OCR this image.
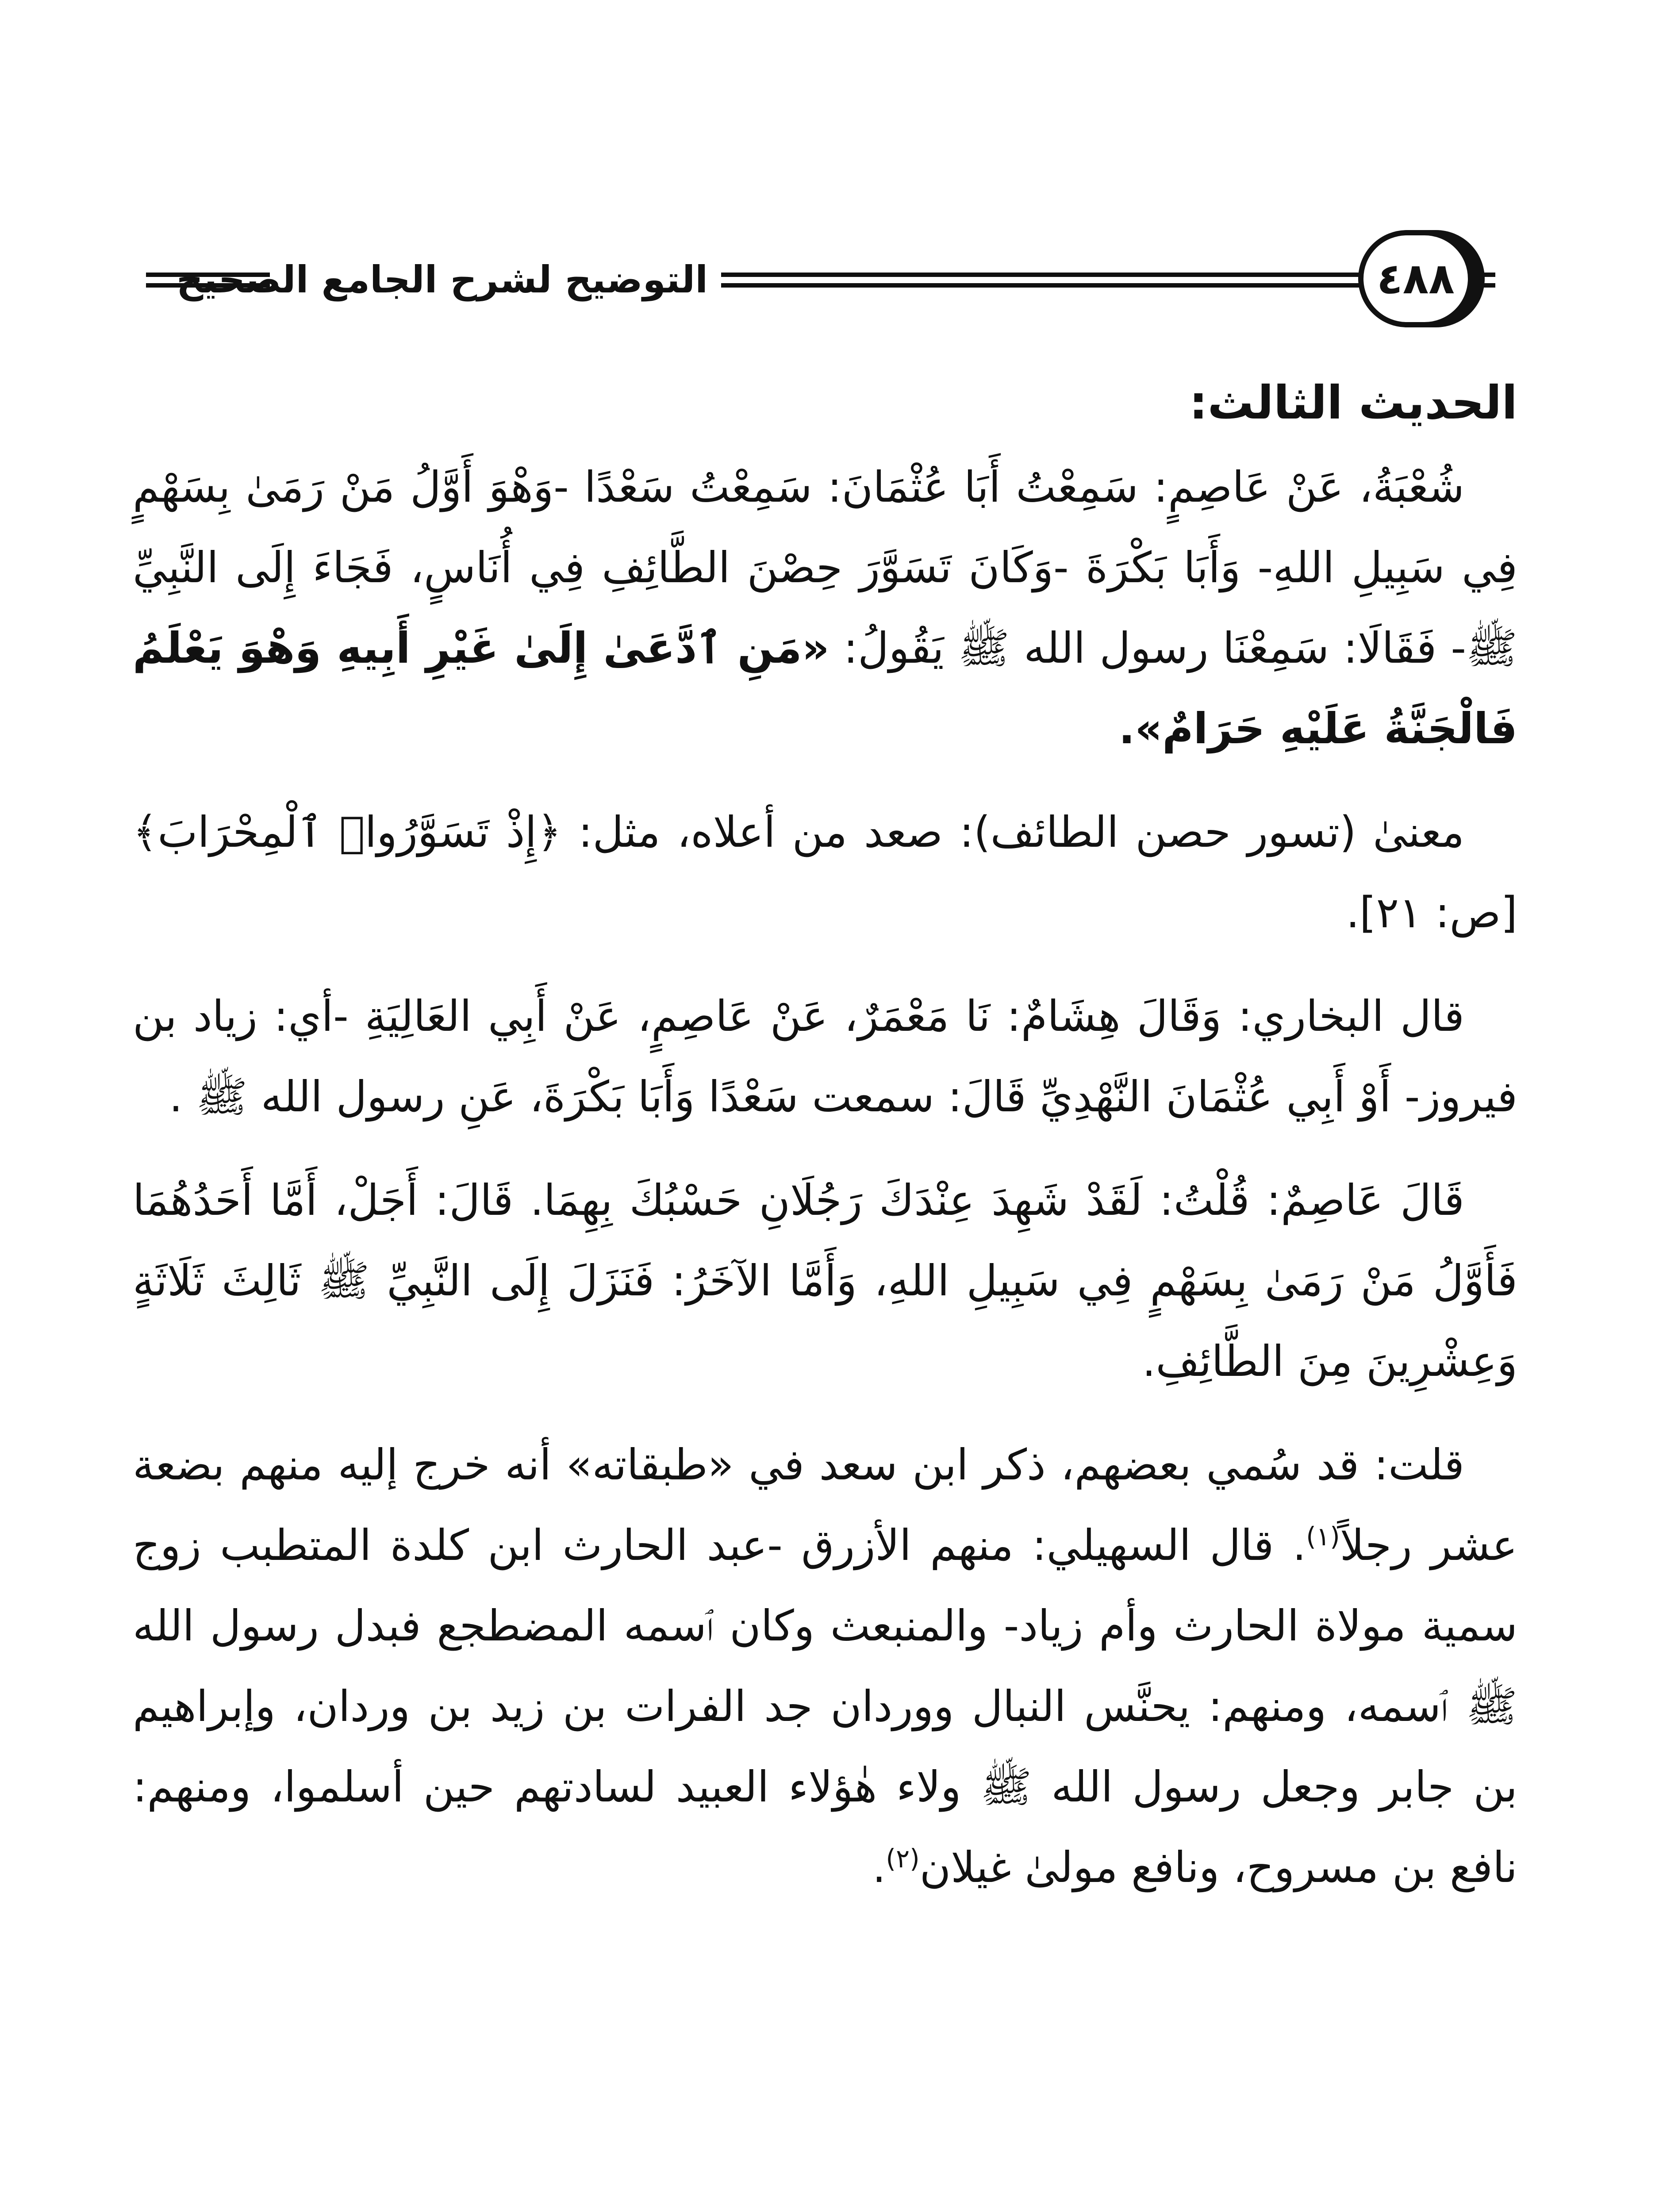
التوضيح لشرح الجامع الصحيح	٤٨٨
الحديث الثالث:

شُعْبَةُ، عَنْ عَاصِمٍ: سَمِعْتُ أَبَا عُثْمَانَ: سَمِعْتُ سَعْدًا -وَهْوَ أَوَّلُ مَنْ رَمَىٰ بِسَهْمٍ فِي سَبِيلِ اللهِ- وَأَبَا بَكْرَةَ -وَكَانَ تَسَوَّرَ حِصْنَ الطَّائِفِ فِي أُنَاسٍ، فَجَاءَ إِلَى النَّبِيِّ ﷺ- فَقَالَا: سَمِعْنَا رسول الله ﷺ يَقُولُ: «مَنِ ٱدَّعَىٰ إِلَىٰ غَيْرِ أَبِيهِ وَهْوَ يَعْلَمُ فَالْجَنَّةُ عَلَيْهِ حَرَامٌ».

معنىٰ (تسور حصن الطائف): صعد من أعلاه، مثل: ﴿إِذْ تَسَوَّرُوا۟ ٱلْمِحْرَابَ﴾ [ص: ٢١].

قال البخاري: وَقَالَ هِشَامٌ: نَا مَعْمَرٌ، عَنْ عَاصِمٍ، عَنْ أَبِي العَالِيَةِ -أي: زياد بن فيروز- أَوْ أَبِي عُثْمَانَ النَّهْدِيِّ قَالَ: سمعت سَعْدًا وَأَبَا بَكْرَةَ، عَنِ رسول الله ﷺ .

قَالَ عَاصِمٌ: قُلْتُ: لَقَدْ شَهِدَ عِنْدَكَ رَجُلَانِ حَسْبُكَ بِهِمَا. قَالَ: أَجَلْ، أَمَّا أَحَدُهُمَا فَأَوَّلُ مَنْ رَمَىٰ بِسَهْمٍ فِي سَبِيلِ اللهِ، وَأَمَّا الآخَرُ: فَنَزَلَ إِلَى النَّبِيِّ ﷺ ثَالِثَ ثَلَاثَةٍ وَعِشْرِينَ مِنَ الطَّائِفِ.

قلت: قد سُمي بعضهم، ذكر ابن سعد في «طبقاته» أنه خرج إليه منهم بضعة عشر رجلاً$^{(١)}$. قال السهيلي: منهم الأزرق -عبد الحارث ابن كلدة المتطبب زوج سمية مولاة الحارث وأم زياد- والمنبعث وكان ٱسمه المضطجع فبدل رسول الله ﷺ ٱسمه، ومنهم: يحنَّس النبال ووردان جد الفرات بن زيد بن وردان، وإبراهيم بن جابر وجعل رسول الله ﷺ ولاء هٰؤلاء العبيد لسادتهم حين أسلموا، ومنهم: نافع بن مسروح، ونافع مولىٰ غيلان$^{(٢)}$.
